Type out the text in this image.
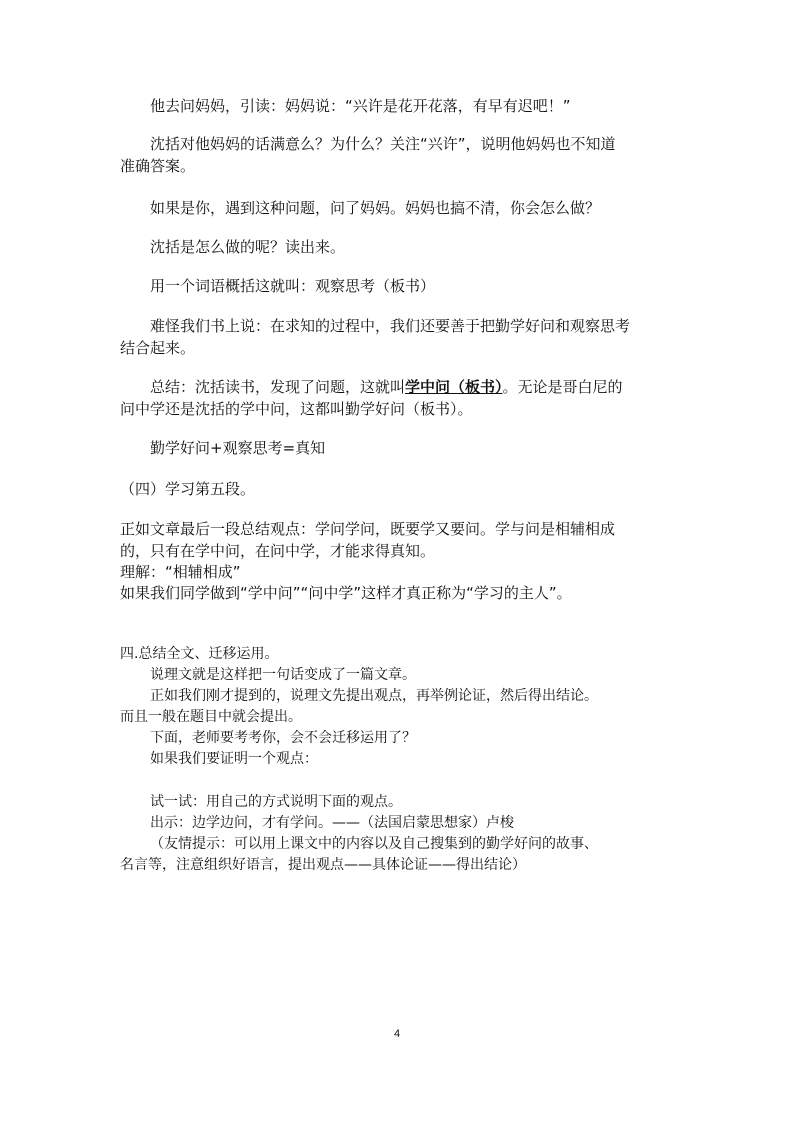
他去问妈妈，引读：妈妈说：“兴许是花开花落，有早有迟吧！”
沈括对他妈妈的话满意么？为什么？关注“兴许”，说明他妈妈也不知道
准确答案。
如果是你，遇到这种问题，问了妈妈。妈妈也搞不清，你会怎么做？
沈括是怎么做的呢？读出来。
用一个词语概括这就叫：观察思考（板书）
难怪我们书上说：在求知的过程中，我们还要善于把勤学好问和观察思考
结合起来。
总结：沈括读书，发现了问题，这就叫学中问（板书）。无论是哥白尼的
问中学还是沈括的学中问，这都叫勤学好问（板书）。
勤学好问+观察思考=真知
（四）学习第五段。
正如文章最后一段总结观点：学问学问，既要学又要问。学与问是相辅相成
的，只有在学中问，在问中学，才能求得真知。
理解：“相辅相成”
如果我们同学做到“学中问”“问中学”这样才真正称为“学习的主人”。
四.总结全文、迁移运用。
说理文就是这样把一句话变成了一篇文章。
正如我们刚才提到的，说理文先提出观点，再举例论证，然后得出结论。
而且一般在题目中就会提出。
下面，老师要考考你，会不会迁移运用了？
如果我们要证明一个观点：
试一试：用自己的方式说明下面的观点。
出示：边学边问，才有学问。——（法国启蒙思想家）卢梭
（友情提示：可以用上课文中的内容以及自己搜集到的勤学好问的故事、
名言等，注意组织好语言，提出观点——具体论证——得出结论）
4
